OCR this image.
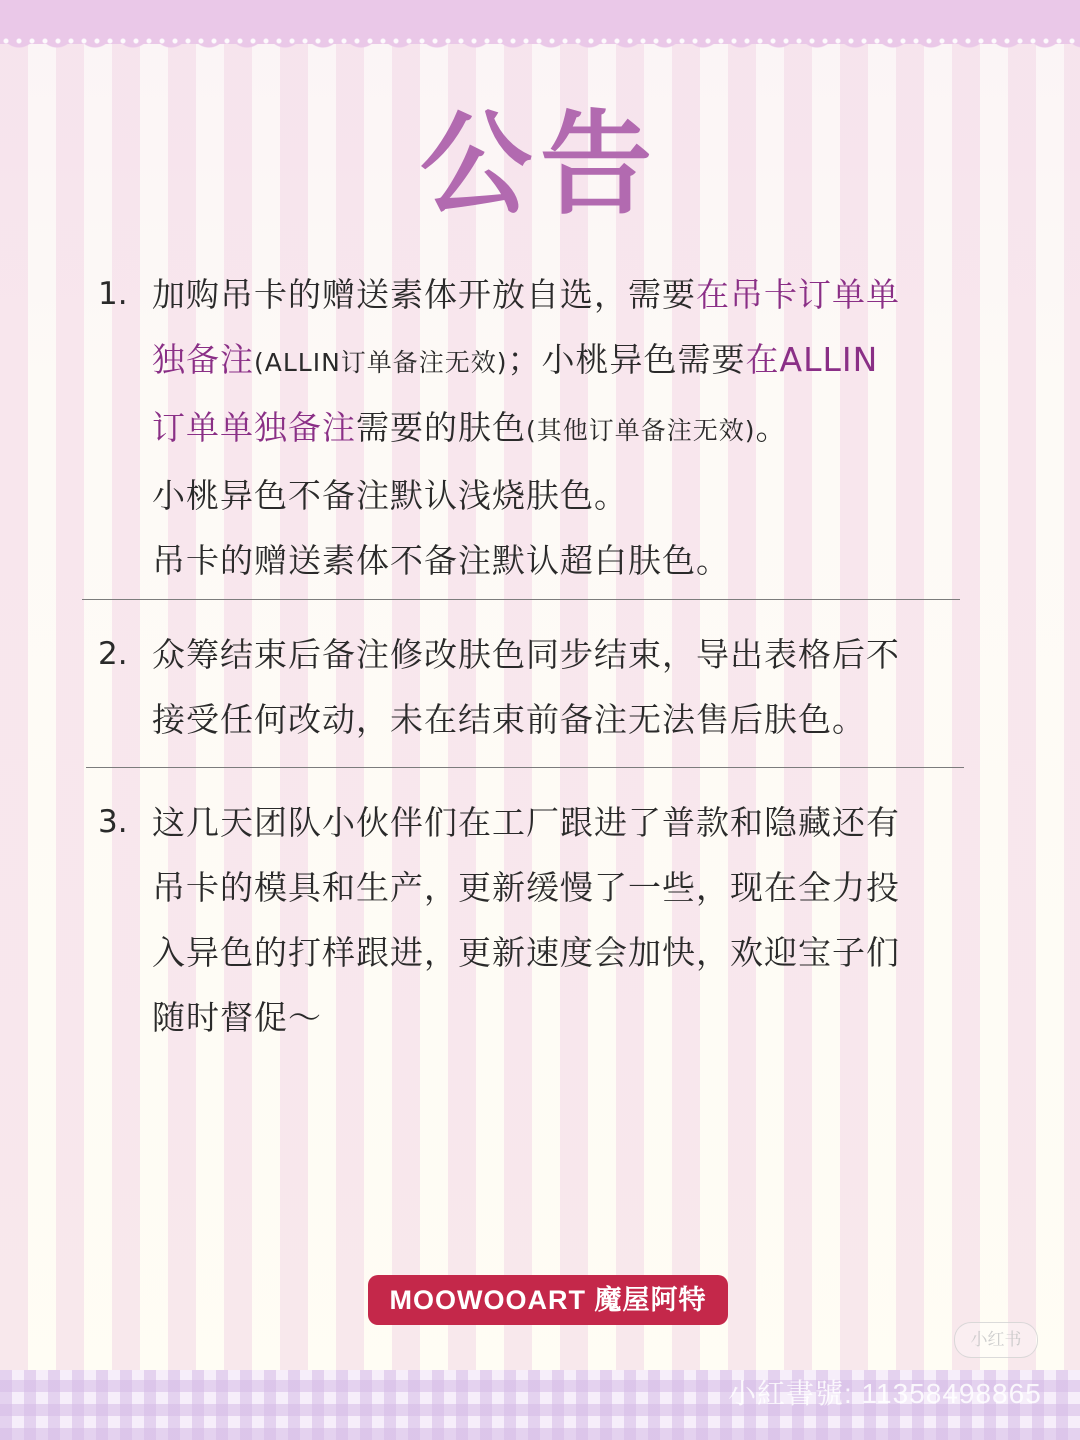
公告
1. 加购吊卡的赠送素体开放自选，需要在吊卡订单单
独备注(ALLIN订单备注无效)；小桃异色需要在ALLIN
订单单独备注需要的肤色(其他订单备注无效)。
小桃异色不备注默认浅烧肤色。
吊卡的赠送素体不备注默认超白肤色。
2. 众筹结束后备注修改肤色同步结束，导出表格后不
接受任何改动，未在结束前备注无法售后肤色。
3. 这几天团队小伙伴们在工厂跟进了普款和隐藏还有
吊卡的模具和生产，更新缓慢了一些，现在全力投
入异色的打样跟进，更新速度会加快，欢迎宝子们
随时督促～
MOOWOOART 魔屋阿特
小红书
小紅書號: 11358498865
